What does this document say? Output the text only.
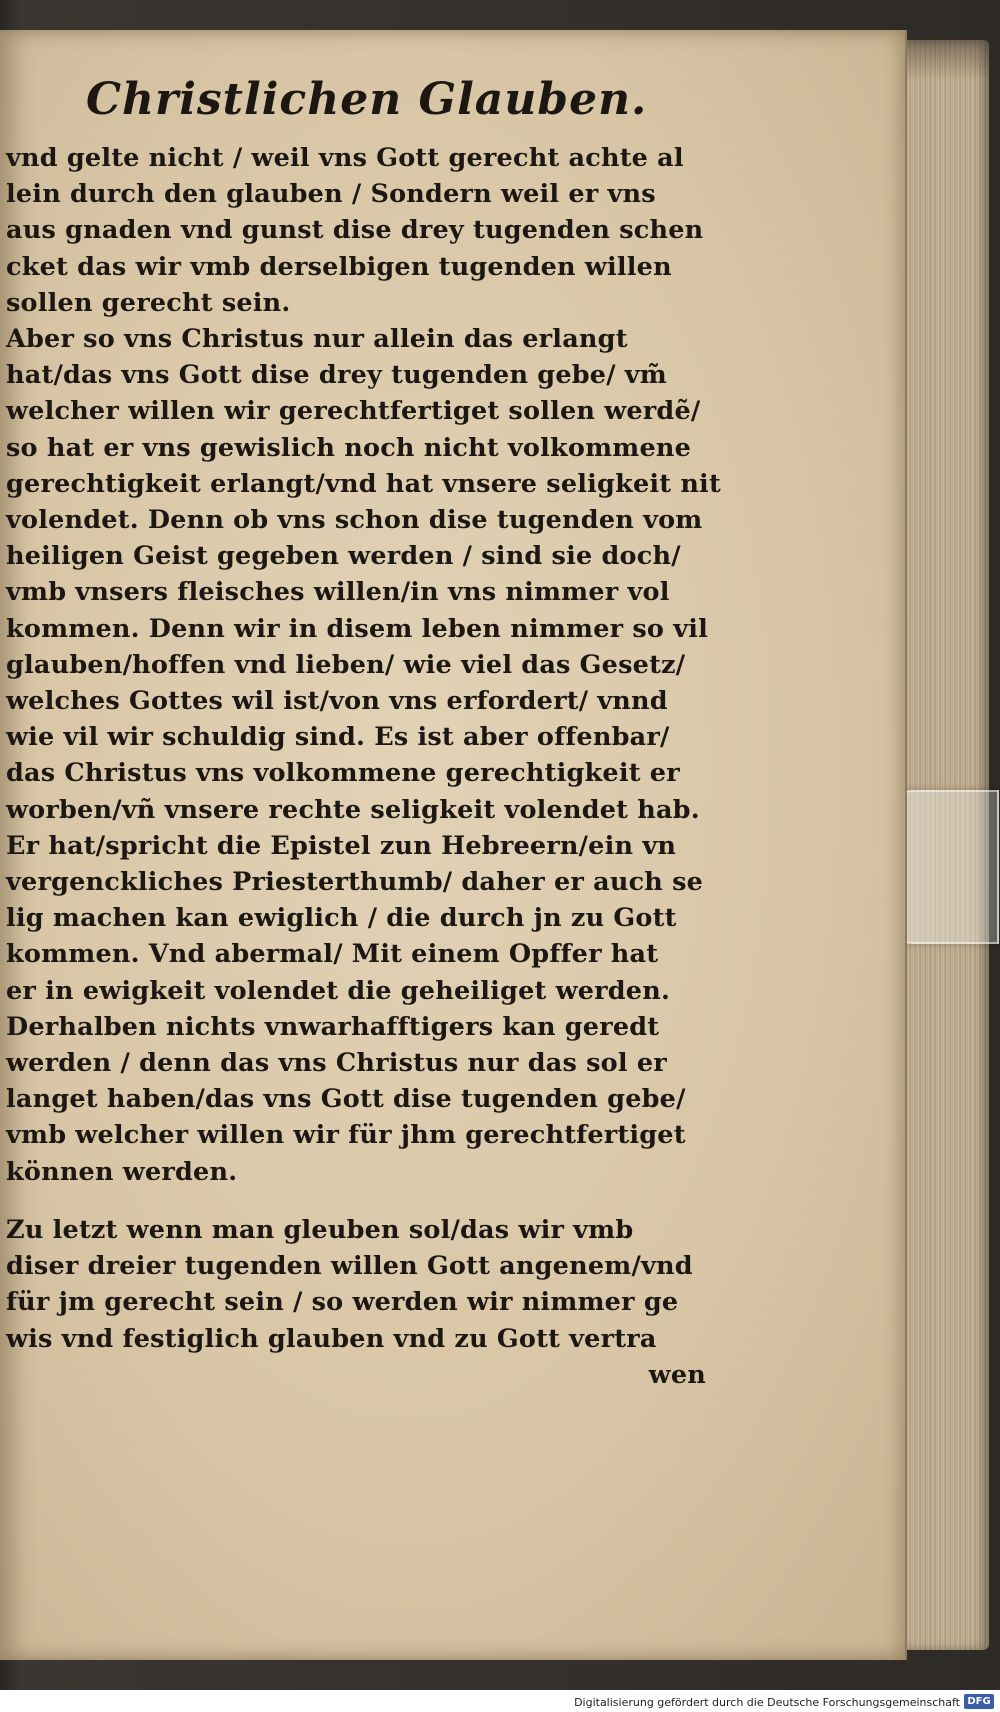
Christlichen Glauben.
vnd gelte nicht / weil vns Gott gerecht achte al
lein durch den glauben / Sondern weil er vns
aus gnaden vnd gunst dise drey tugenden schen
cket das wir vmb derselbigen tugenden willen
sollen gerecht sein.
Aber so vns Christus nur allein das erlangt
hat/das vns Gott dise drey tugenden gebe/ vm̃
welcher willen wir gerechtfertiget sollen werdẽ/
so hat er vns gewislich noch nicht volkommene
gerechtigkeit erlangt/vnd hat vnsere seligkeit nit
volendet. Denn ob vns schon dise tugenden vom
heiligen Geist gegeben werden / sind sie doch/
vmb vnsers fleisches willen/in vns nimmer vol
kommen. Denn wir in disem leben nimmer so vil
glauben/hoffen vnd lieben/ wie viel das Gesetz/
welches Gottes wil ist/von vns erfordert/ vnnd
wie vil wir schuldig sind. Es ist aber offenbar/
das Christus vns volkommene gerechtigkeit er
worben/vñ vnsere rechte seligkeit volendet hab.
Er hat/spricht die Epistel zun Hebreern/ein vn
vergenckliches Priesterthumb/ daher er auch se
lig machen kan ewiglich / die durch jn zu Gott
kommen. Vnd abermal/ Mit einem Opffer hat
er in ewigkeit volendet die geheiliget werden.
Derhalben nichts vnwarhafftigers kan geredt
werden / denn das vns Christus nur das sol er
langet haben/das vns Gott dise tugenden gebe/
vmb welcher willen wir für jhm gerechtfertiget
können werden.
Zu letzt wenn man gleuben sol/das wir vmb
diser dreier tugenden willen Gott angenem/vnd
für jm gerecht sein / so werden wir nimmer ge
wis vnd festiglich glauben vnd zu Gott vertra
wen
Digitalisierung gefördert durch die Deutsche Forschungsgemeinschaft DFG
